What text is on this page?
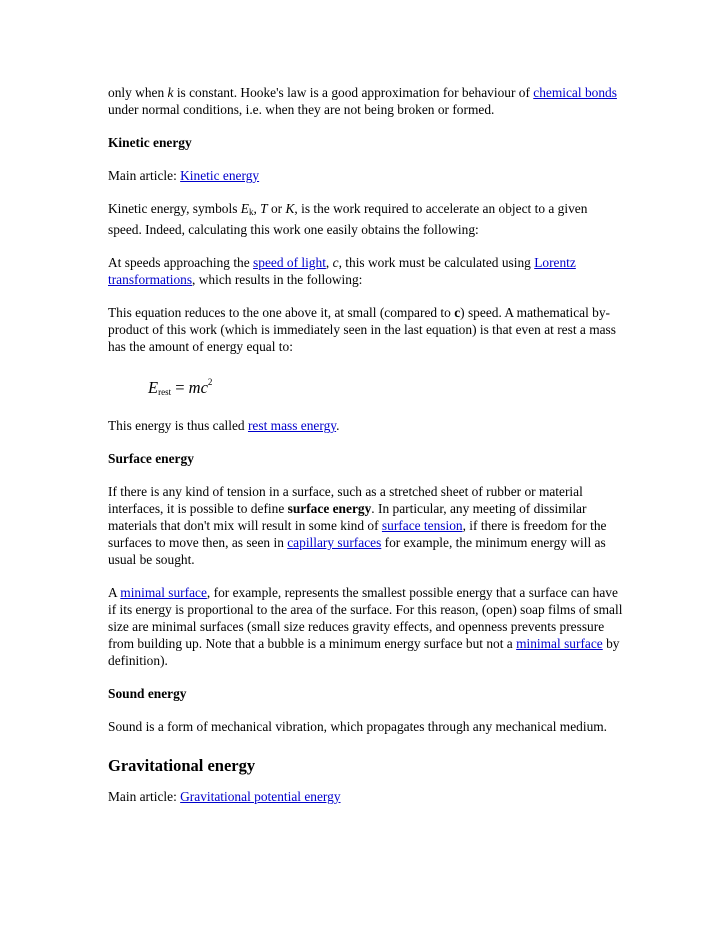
only when k is constant. Hooke's law is a good approximation for behaviour of chemical bonds under normal conditions, i.e. when they are not being broken or formed.

Kinetic energy

Main article: Kinetic energy

Kinetic energy, symbols Ek, T or K, is the work required to accelerate an object to a given speed. Indeed, calculating this work one easily obtains the following:

At speeds approaching the speed of light, c, this work must be calculated using Lorentz transformations, which results in the following:

This equation reduces to the one above it, at small (compared to c) speed. A mathematical by-product of this work (which is immediately seen in the last equation) is that even at rest a mass has the amount of energy equal to:

$E_{rest} = mc^2$

This energy is thus called rest mass energy.

Surface energy

If there is any kind of tension in a surface, such as a stretched sheet of rubber or material interfaces, it is possible to define surface energy. In particular, any meeting of dissimilar materials that don't mix will result in some kind of surface tension, if there is freedom for the surfaces to move then, as seen in capillary surfaces for example, the minimum energy will as usual be sought.

A minimal surface, for example, represents the smallest possible energy that a surface can have if its energy is proportional to the area of the surface. For this reason, (open) soap films of small size are minimal surfaces (small size reduces gravity effects, and openness prevents pressure from building up. Note that a bubble is a minimum energy surface but not a minimal surface by definition).

Sound energy

Sound is a form of mechanical vibration, which propagates through any mechanical medium.

Gravitational energy

Main article: Gravitational potential energy
